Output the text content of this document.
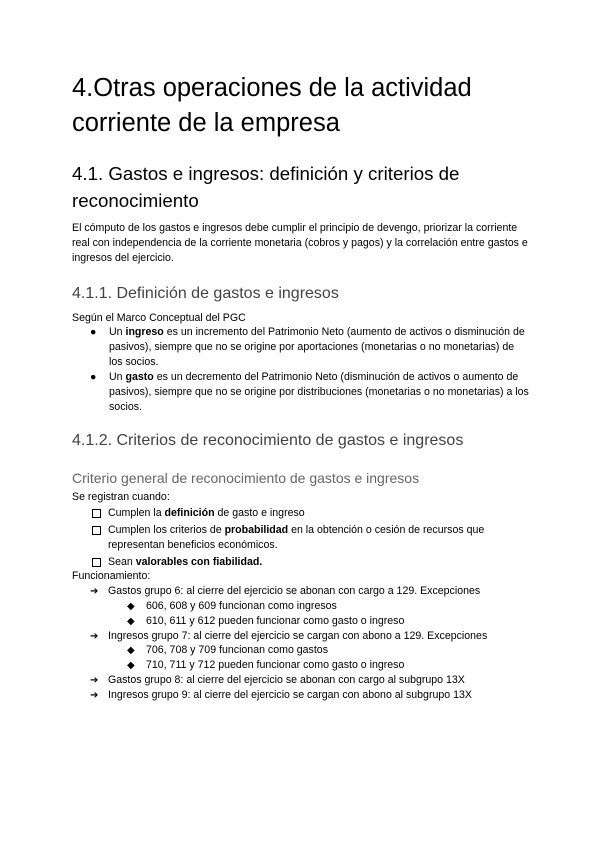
4.Otras operaciones de la actividad corriente de la empresa
4.1. Gastos e ingresos: definición y criterios de reconocimiento
El cómputo de los gastos e ingresos debe cumplir el principio de devengo, priorizar la corriente real con independencia de la corriente monetaria (cobros y pagos) y la correlación entre gastos e ingresos del ejercicio.
4.1.1. Definición de gastos e ingresos
Según el Marco Conceptual del PGC
● Un ingreso es un incremento del Patrimonio Neto (aumento de activos o disminución de pasivos), siempre que no se origine por aportaciones (monetarias o no monetarias) de los socios.
● Un gasto es un decremento del Patrimonio Neto (disminución de activos o aumento de pasivos), siempre que no se origine por distribuciones (monetarias o no monetarias) a los socios.
4.1.2. Criterios de reconocimiento de gastos e ingresos
Criterio general de reconocimiento de gastos e ingresos
Se registran cuando:
Cumplen la definición de gasto e ingreso
Cumplen los criterios de probabilidad en la obtención o cesión de recursos que representan beneficios económicos.
Sean valorables con fiabilidad.
Funcionamiento:
➔ Gastos grupo 6: al cierre del ejercicio se abonan con cargo a 129. Excepciones
◆ 606, 608 y 609 funcionan como ingresos
◆ 610, 611 y 612 pueden funcionar como gasto o ingreso
➔ Ingresos grupo 7: al cierre del ejercicio se cargan con abono a 129. Excepciones
◆ 706, 708 y 709 funcionan como gastos
◆ 710, 711 y 712 pueden funcionar como gasto o ingreso
➔ Gastos grupo 8: al cierre del ejercicio se abonan con cargo al subgrupo 13X
➔ Ingresos grupo 9: al cierre del ejercicio se cargan con abono al subgrupo 13X
